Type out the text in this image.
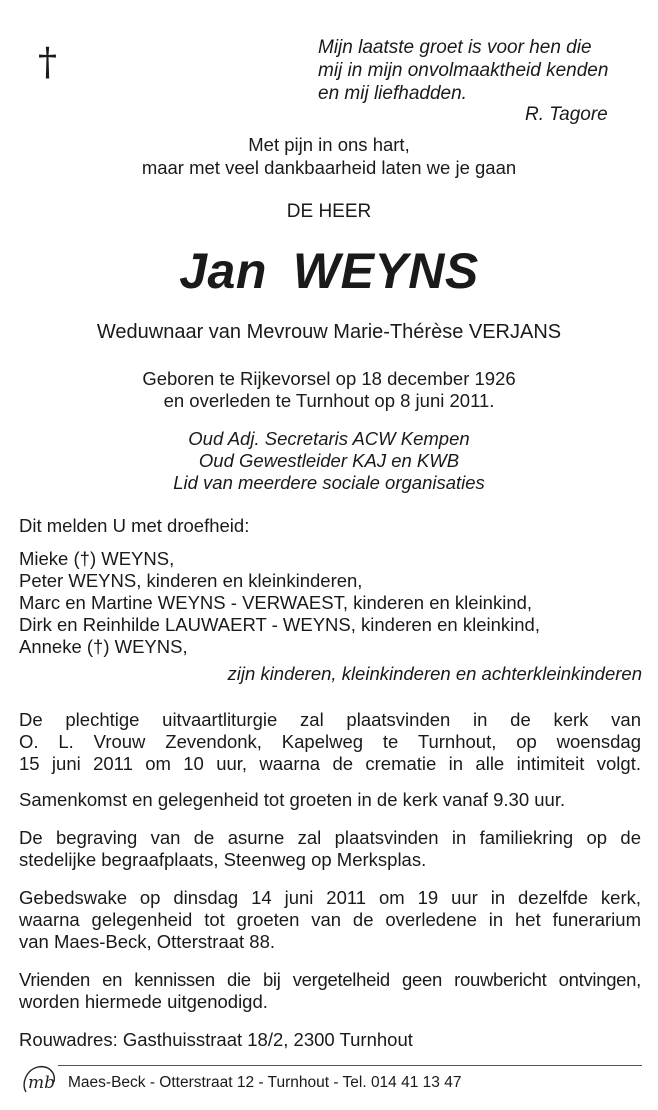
†	Mijn laatste groet is voor hen die
mij in mijn onvolmaaktheid kenden
en mij liefhadden.
R. Tagore
Met pijn in ons hart,
maar met veel dankbaarheid laten we je gaan
DE HEER
Jan WEYNS
Weduwnaar van Mevrouw Marie-Thérèse VERJANS
Geboren te Rijkevorsel op 18 december 1926
en overleden te Turnhout op 8 juni 2011.
Oud Adj. Secretaris ACW Kempen
Oud Gewestleider KAJ en KWB
Lid van meerdere sociale organisaties
Dit melden U met droefheid:
Mieke (†) WEYNS,
Peter WEYNS, kinderen en kleinkinderen,
Marc en Martine WEYNS - VERWAEST, kinderen en kleinkind,
Dirk en Reinhilde LAUWAERT - WEYNS, kinderen en kleinkind,
Anneke (†) WEYNS,
zijn kinderen, kleinkinderen en achterkleinkinderen
De plechtige uitvaartliturgie zal plaatsvinden in de kerk van
O. L. Vrouw Zevendonk, Kapelweg te Turnhout, op woensdag
15 juni 2011 om 10 uur, waarna de crematie in alle intimiteit volgt.
Samenkomst en gelegenheid tot groeten in de kerk vanaf 9.30 uur.
De begraving van de asurne zal plaatsvinden in familiekring op de
stedelijke begraafplaats, Steenweg op Merksplas.
Gebedswake op dinsdag 14 juni 2011 om 19 uur in dezelfde kerk,
waarna gelegenheid tot groeten van de overledene in het funerarium
van Maes-Beck, Otterstraat 88.
Vrienden en kennissen die bij vergetelheid geen rouwbericht ontvingen,
worden hiermede uitgenodigd.
Rouwadres: Gasthuisstraat 18/2, 2300 Turnhout
mb Maes-Beck - Otterstraat 12 - Turnhout - Tel. 014 41 13 47
